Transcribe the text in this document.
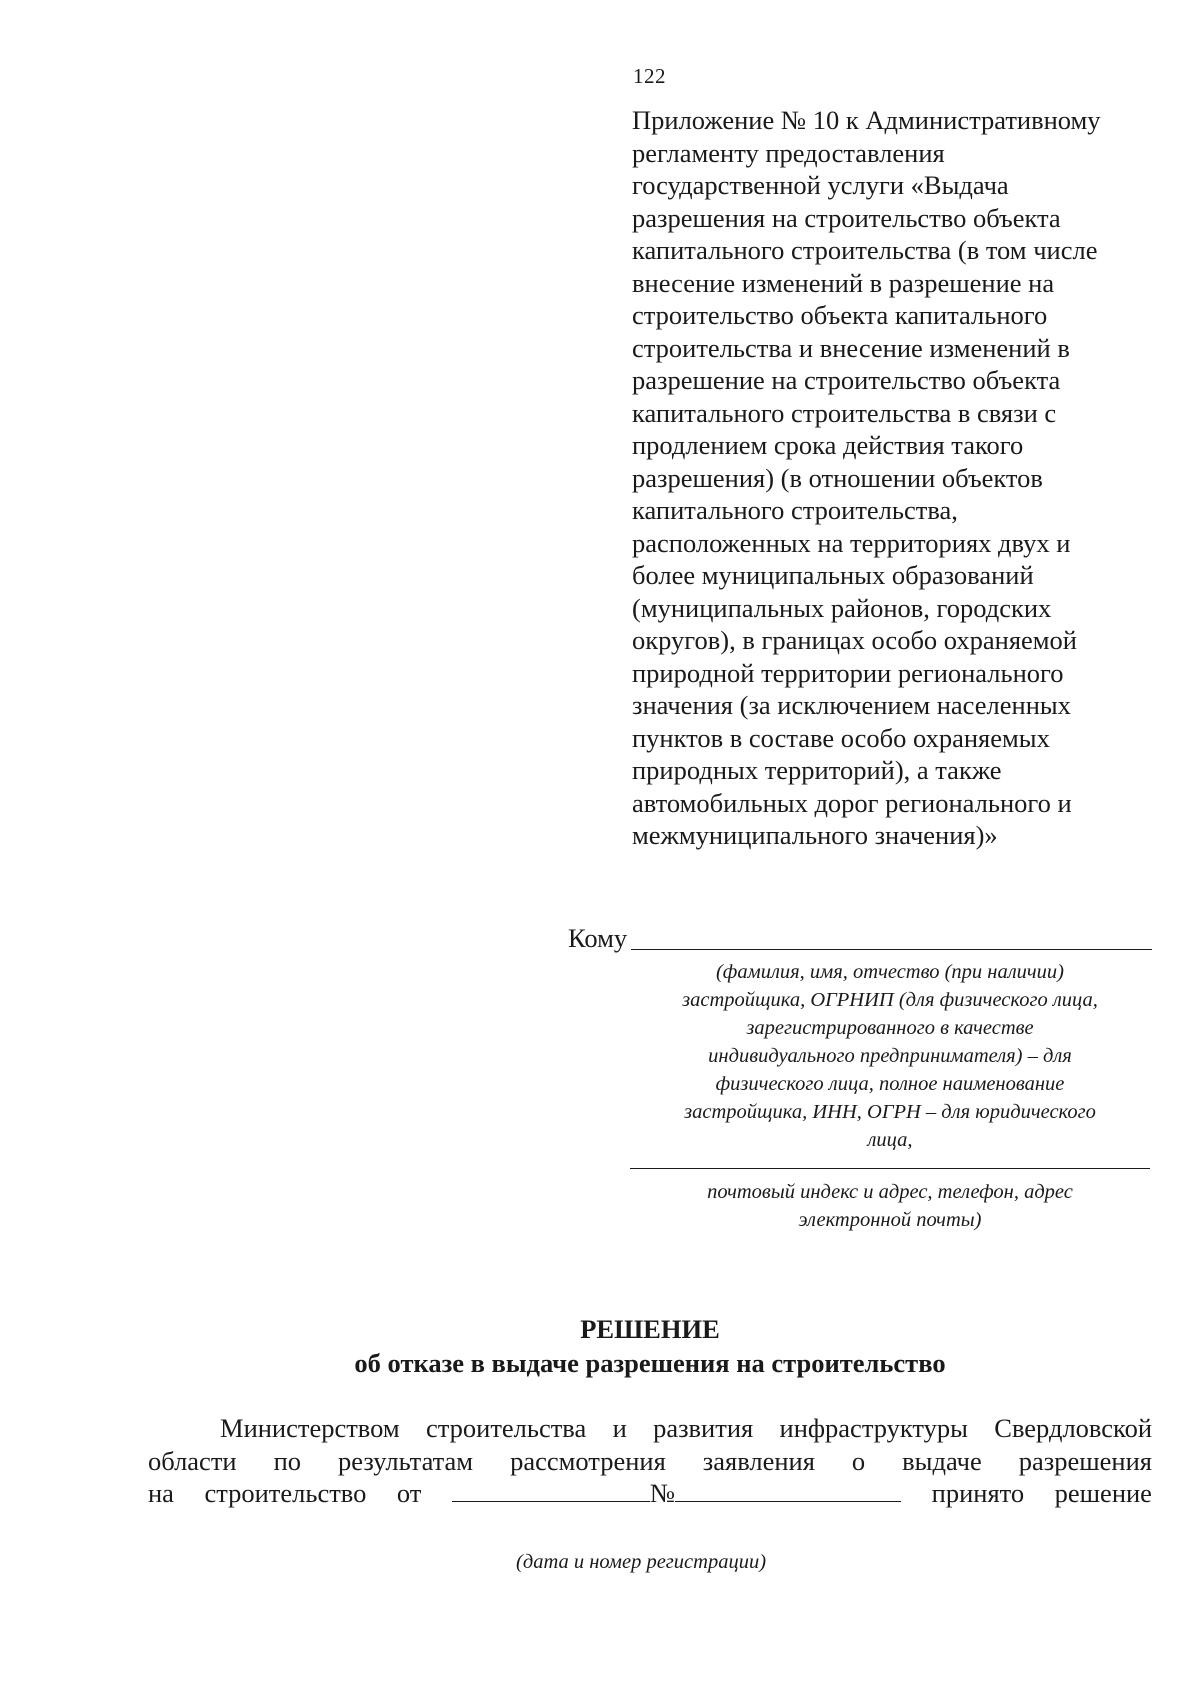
122
Приложение № 10 к Административному
регламенту предоставления
государственной услуги «Выдача
разрешения на строительство объекта
капитального строительства (в том числе
внесение изменений в разрешение на
строительство объекта капитального
строительства и внесение изменений в
разрешение на строительство объекта
капитального строительства в связи с
продлением срока действия такого
разрешения) (в отношении объектов
капитального строительства,
расположенных на территориях двух и
более муниципальных образований
(муниципальных районов, городских
округов), в границах особо охраняемой
природной территории регионального
значения (за исключением населенных
пунктов в составе особо охраняемых
природных территорий), а также
автомобильных дорог регионального и
межмуниципального значения)»
Кому
(фамилия, имя, отчество (при наличии)
застройщика, ОГРНИП (для физического лица,
зарегистрированного в качестве
индивидуального предпринимателя) – для
физического лица, полное наименование
застройщика, ИНН, ОГРН – для юридического
лица,
почтовый индекс и адрес, телефон, адрес
электронной почты)
РЕШЕНИЕ
об отказе в выдаче разрешения на строительство
Министерством строительства и развития инфраструктуры Свердловской
области по результатам рассмотрения заявления о выдаче разрешения
на строительство от	№	принято решение
(дата и номер регистрации)
